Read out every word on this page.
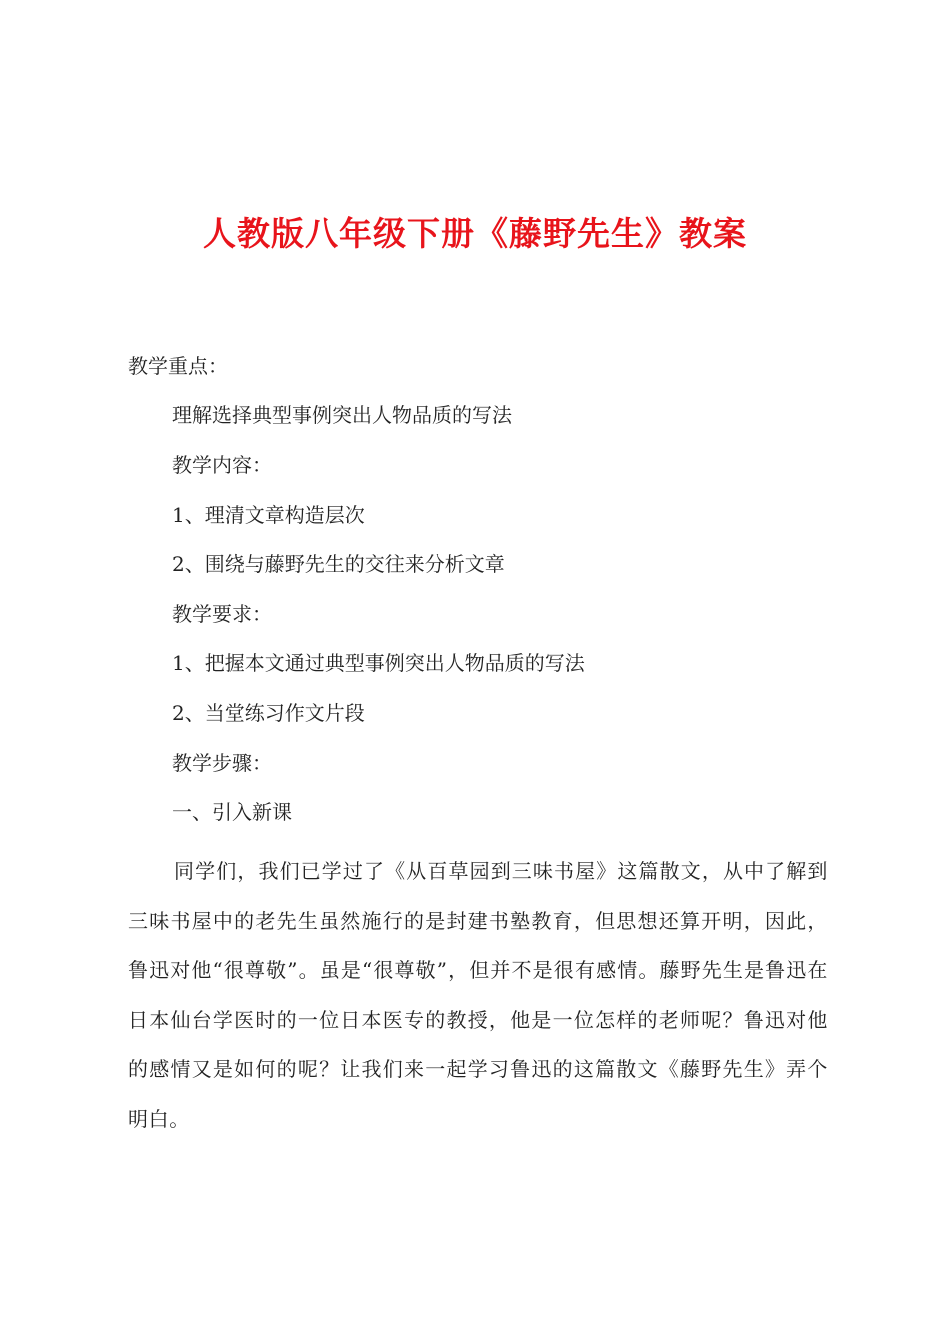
人教版八年级下册《藤野先生》教案

教学重点：

理解选择典型事例突出人物品质的写法

教学内容：

1、理清文章构造层次

2、围绕与藤野先生的交往来分析文章

教学要求：

1、把握本文通过典型事例突出人物品质的写法

2、当堂练习作文片段

教学步骤：

一、引入新课

同学们，我们已学过了《从百草园到三味书屋》这篇散文，从中了解到三味书屋中的老先生虽然施行的是封建书塾教育，但思想还算开明，因此，鲁迅对他“很尊敬”。虽是“很尊敬”，但并不是很有感情。藤野先生是鲁迅在日本仙台学医时的一位日本医专的教授，他是一位怎样的老师呢？鲁迅对他的感情又是如何的呢？让我们来一起学习鲁迅的这篇散文《藤野先生》弄个明白。
